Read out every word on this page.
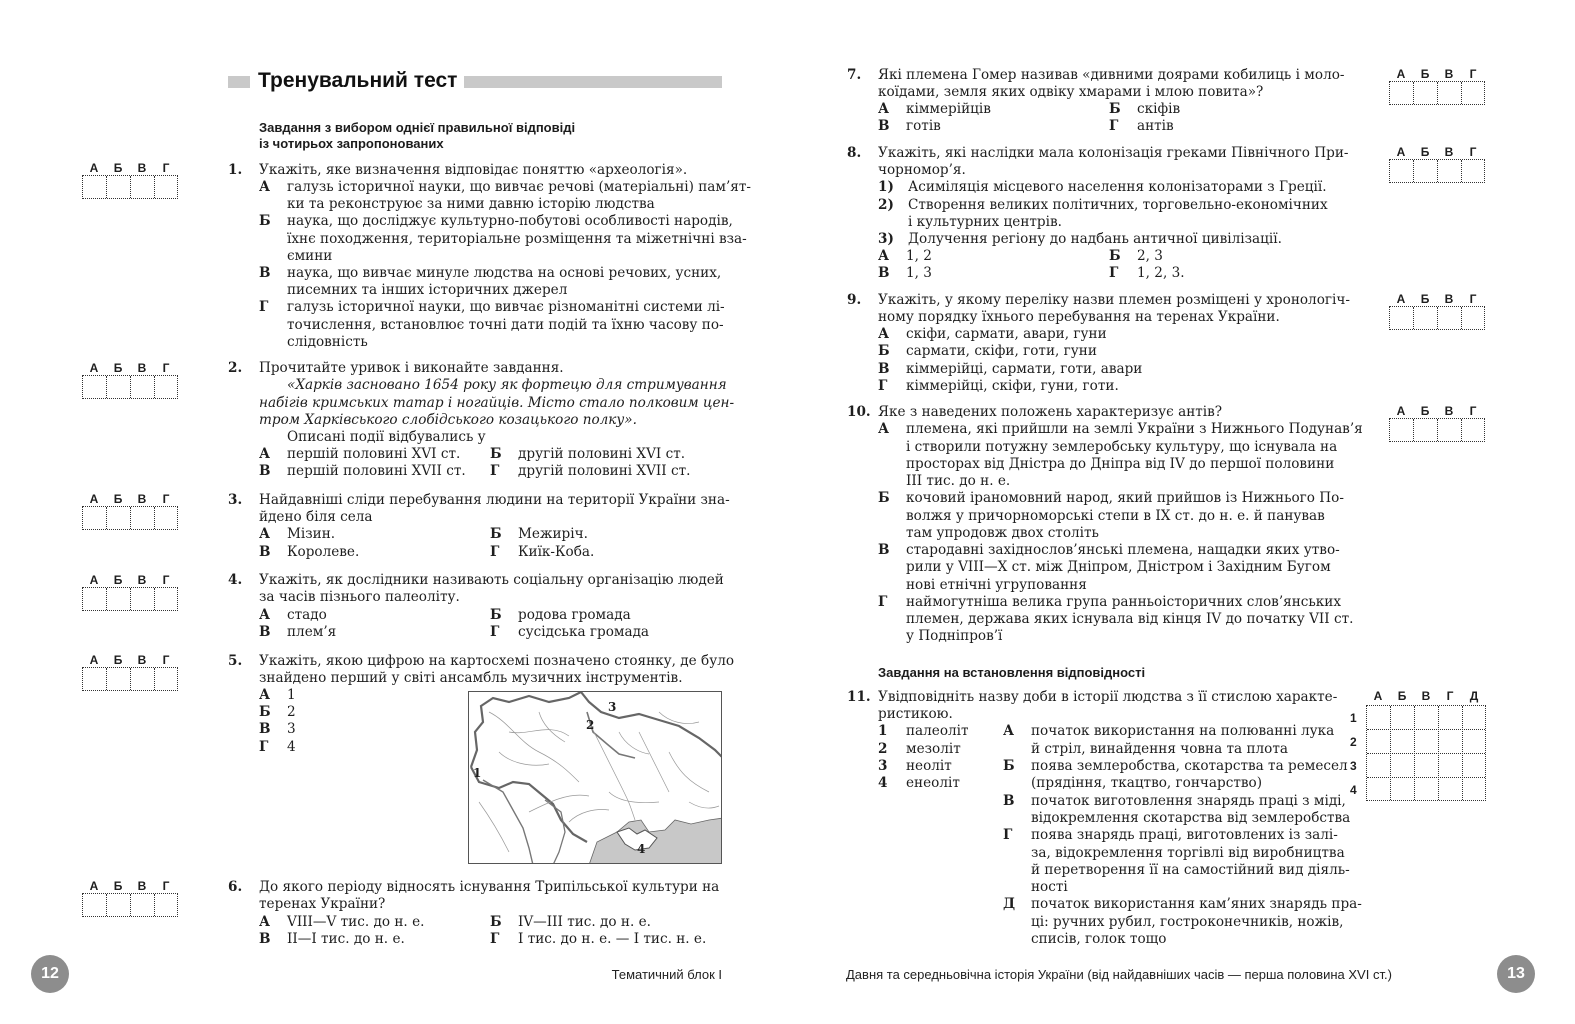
Тренувальний тест
Завдання з вибором однієї правильної відповіді
із чотирьох запропонованих
А	Б	В	Г	1. Укажіть, яке визначення відповідає поняттю «археологія».
А галузь історичної науки, що вивчає речові (матеріальні) пам’ят-
ки та реконструює за ними давню історію людства
Б наука, що досліджує культурно-побутові особливості народів,
їхнє походження, територіальне розміщення та міжетнічні вза-
ємини
В наука, що вивчає минуле людства на основі речових, усних,
писемних та інших історичних джерел
Г галузь історичної науки, що вивчає різноманітні системи лі-
точислення, встановлює точні дати подій та їхню часову по-
слідовність
А	Б	В	Г	2. Прочитайте уривок і виконайте завдання.
«Харків засновано 1654 року як фортецю для стримування
набігів кримських татар і ногайців. Місто стало полковим цен-
тром Харківського слобідського козацького полку».
Описані події відбувались у
А першій половині XVI ст. Б другій половині XVI ст.
В першій половині XVII ст. Г другій половині XVII ст.
А	Б	В	Г	3. Найдавніші сліди перебування людини на території України зна-
йдено біля села
А Мізин.	Б Межиріч.
В Королеве.	Г Киїк-Коба.
А	Б	В	Г	4. Укажіть, як дослідники називають соціальну організацію людей
за часів пізнього палеоліту.
А стадо	Б родова громада
В плем’я	Г сусідська громада
А	Б	В	Г	5. Укажіть, якою цифрою на картосхемі позначено стоянку, де було
знайдено перший у світі ансамбль музичних інструментів.
А 1
Б 2
В 3
Г 4
1
2
3
4
А	Б	В	Г	6. До якого періоду відносять існування Трипільської культури на
теренах України?
А VIII—V тис. до н. е.	Б IV—III тис. до н. е.
В II—I тис. до н. е.	Г I тис. до н. е. — I тис. н. е.
12	Тематичний блок I
А	Б	В	Г
7. Які племена Гомер називав «дивними доярами кобилиць і моло-
коїдами, земля яких одвіку хмарами і млою повита»?
А кіммерійців	Б скіфів
В готів	Г антів
А	Б	В	Г
8. Укажіть, які наслідки мала колонізація греками Північного При-
чорномор’я.
1) Асиміляція місцевого населення колонізаторами з Греції.
2) Створення великих політичних, торговельно-економічних
і культурних центрів.
3) Долучення регіону до надбань античної цивілізації.
А 1, 2	Б 2, 3
В 1, 3	Г 1, 2, 3.
А	Б	В	Г
9. Укажіть, у якому переліку назви племен розміщені у хронологіч-
ному порядку їхнього перебування на теренах України.
А скіфи, сармати, авари, гуни
Б сармати, скіфи, готи, гуни
В кіммерійці, сармати, готи, авари
Г кіммерійці, скіфи, гуни, готи.
А	Б	В	Г
10. Яке з наведених положень характеризує антів?
А племена, які прийшли на землі України з Нижнього Подунав’я
і створили потужну землеробську культуру, що існувала на
просторах від Дністра до Дніпра від IV до першої половини
III тис. до н. е.
Б кочовий іраномовний народ, який прийшов із Нижнього По-
волжя у причорноморські степи в IX ст. до н. е. й панував
там упродовж двох століть
В стародавні західнослов’янські племена, нащадки яких утво-
рили у VIII—X ст. між Дніпром, Дністром і Західним Бугом
нові етнічні угруповання
Г наймогутніша велика група ранньоісторичних слов’янських
племен, держава яких існувала від кінця IV до початку VII ст.
у Подніпров’ї
Завдання на встановлення відповідності
11. Увідповідніть назву доби в історії людства з її стислою характе-
ристикою.
1 палеоліт
2 мезоліт
3 неоліт
4 енеоліт
А початок використання на полюванні лука
й стріл, винайдення човна та плота
Б поява землеробства, скотарства та ремесел
(прядіння, ткацтво, гончарство)
В початок виготовлення знарядь праці з міді,
відокремлення скотарства від землеробства
Г поява знарядь праці, виготовлених із залі-
за, відокремлення торгівлі від виробництва
й перетворення її на самостійний вид діяль-
ності
Д початок використання кам’яних знарядь пра-
ці: ручних рубил, гостроконечників, ножів,
списів, голок тощо
А	Б	В	Г	Д
1
2
3
4
Давня та середньовічна історія України (від найдавніших часів — перша половина XVI ст.)	13
